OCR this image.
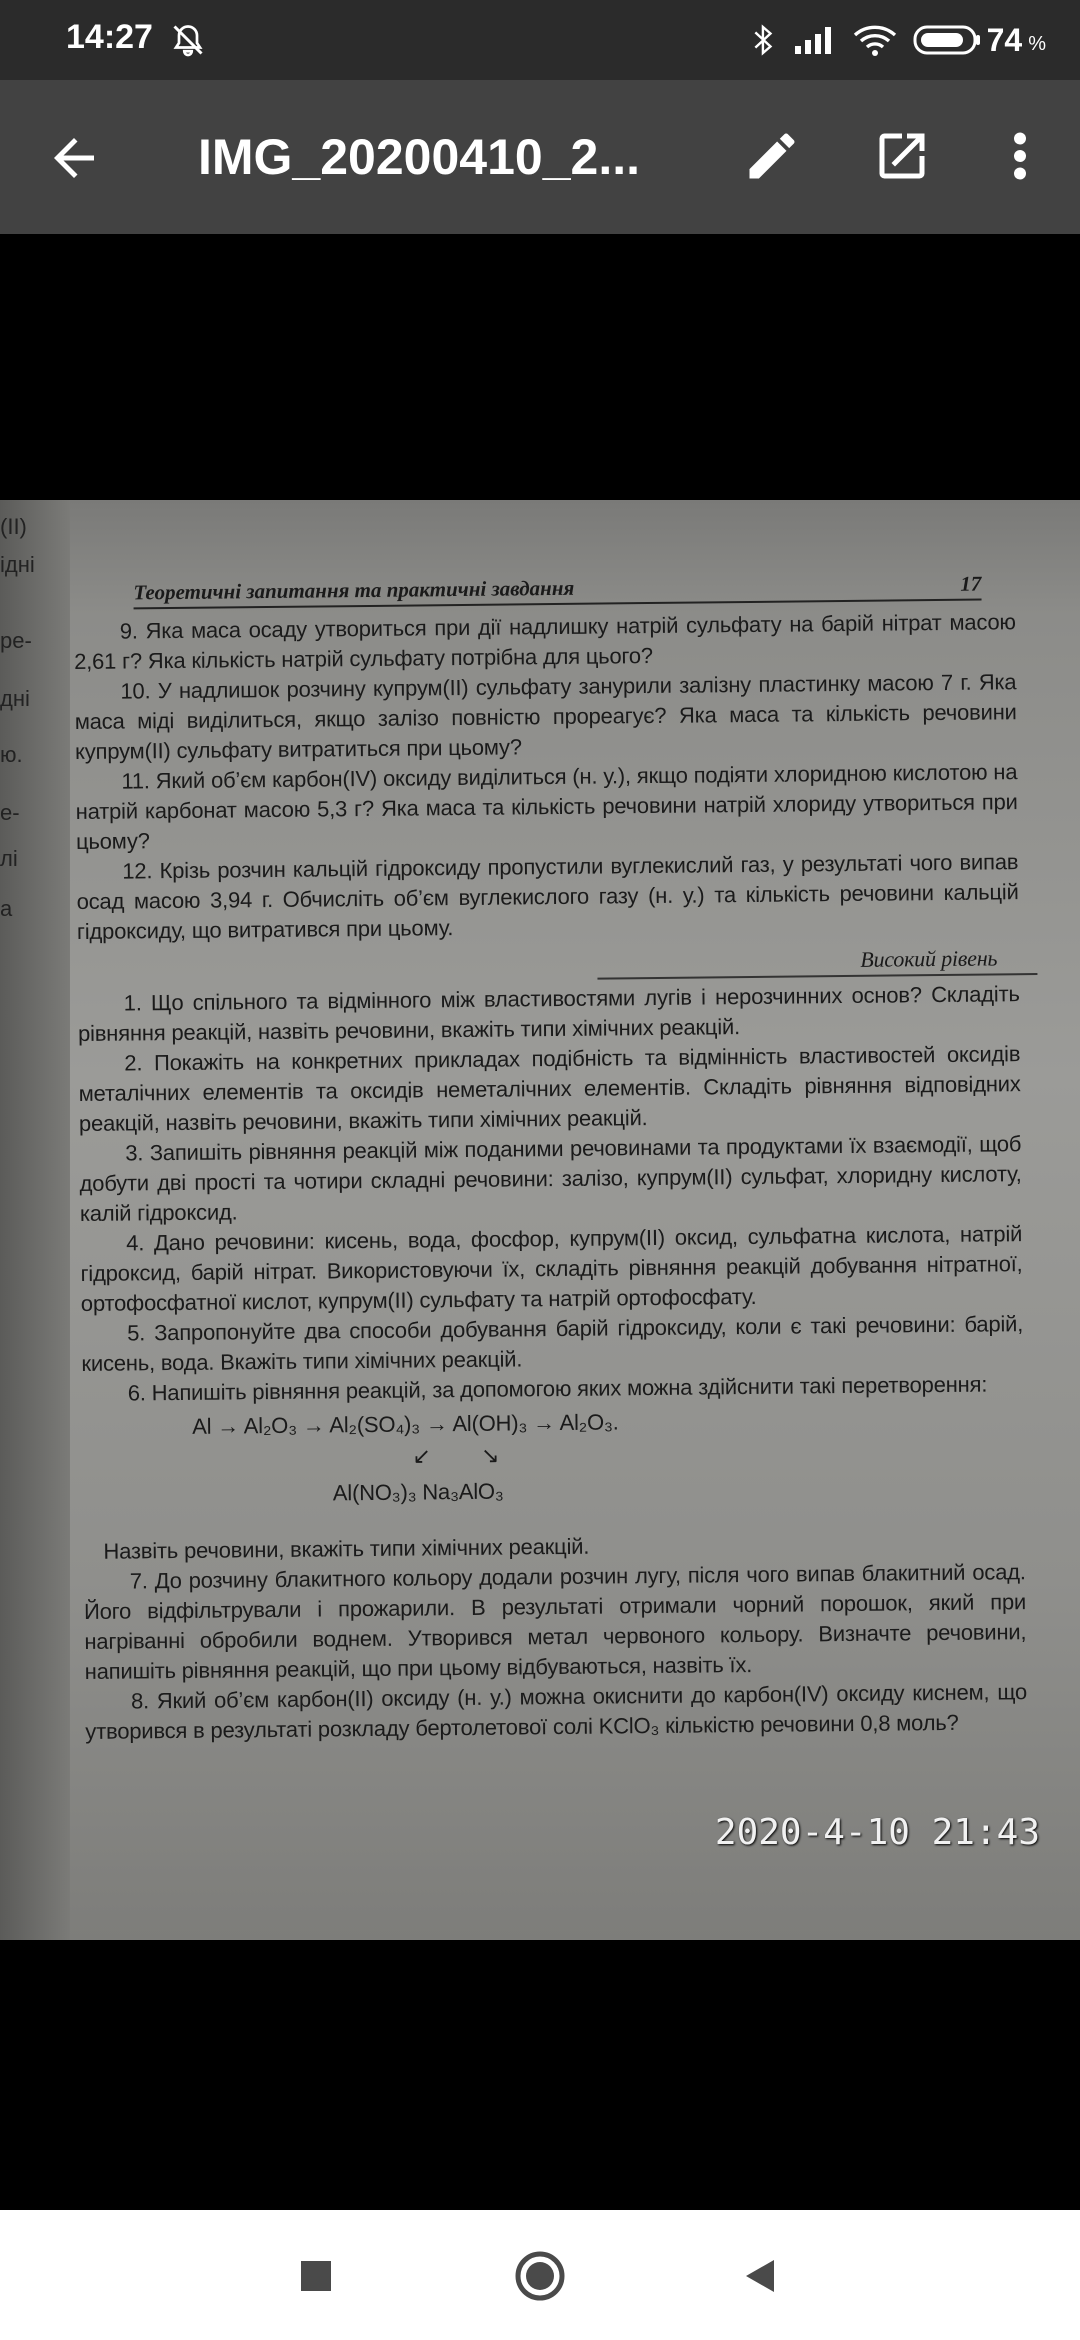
14:27	74 %
IMG_20200410_2...
(II)
ідні
ре-
дні
ю.
е-
лі
а
Теоретичні запитання та практичні завдання	17

9. Яка маса осаду утвориться при дії надлишку натрій сульфату на барій нітрат масою 2,61 г? Яка кількість натрій сульфату потрібна для цього?

10. У надлишок розчину купрум(II) сульфату занурили залізну пластинку масою 7 г. Яка маса міді виділиться, якщо залізо повністю прореагує? Яка маса та кількість речовини купрум(II) сульфату витратиться при цьому?

11. Який об’єм карбон(IV) оксиду виділиться (н. у.), якщо подіяти хлоридною кислотою на натрій карбонат масою 5,3 г? Яка маса та кількість речовини натрій хлориду утвориться при цьому?

12. Крізь розчин кальцій гідроксиду пропустили вуглекислий газ, у результаті чого випав осад масою 3,94 г. Обчисліть об’єм вуглекислого газу (н. у.) та кількість речовини кальцій гідроксиду, що витратився при цьому.

Високий рівень

1. Що спільного та відмінного між властивостями лугів і нерозчинних основ? Складіть рівняння реакцій, назвіть речовини, вкажіть типи хімічних реакцій.

2. Покажіть на конкретних прикладах подібність та відмінність властивостей оксидів металічних елементів та оксидів неметалічних елементів. Складіть рівняння відповідних реакцій, назвіть речовини, вкажіть типи хімічних реакцій.

3. Запишіть рівняння реакцій між поданими речовинами та продуктами їх взаємодії, щоб добути дві прості та чотири складні речовини: залізо, купрум(II) сульфат, хлоридну кислоту, калій гідроксид.

4. Дано речовини: кисень, вода, фосфор, купрум(II) оксид, сульфатна кислота, натрій гідроксид, барій нітрат. Використовуючи їх, складіть рівняння реакцій добування нітратної, ортофосфатної кислот, купрум(II) сульфату та натрій ортофосфату.

5. Запропонуйте два способи добування барій гідроксиду, коли є такі речовини: барій, кисень, вода. Вкажіть типи хімічних реакцій.

6. Напишіть рівняння реакцій, за допомогою яких можна здійснити такі перетворення:

Al → Al₂O₃ → Al₂(SO₄)₃ → Al(OH)₃ → Al₂O₃.
↙ ↘
Al(NO₃)₃ Na₃AlO₃

Назвіть речовини, вкажіть типи хімічних реакцій.

7. До розчину блакитного кольору додали розчин лугу, після чого випав блакитний осад. Його відфільтрували і прожарили. В результаті отримали чорний порошок, який при нагріванні обробили воднем. Утворився метал червоного кольору. Визначте речовини, напишіть рівняння реакцій, що при цьому відбуваються, назвіть їх.

8. Який об’єм карбон(II) оксиду (н. у.) можна окиснити до карбон(IV) оксиду киснем, що утворився в результаті розкладу бертолетової солі KClO₃ кількістю речовини 0,8 моль?

2020-4-10 21:43
